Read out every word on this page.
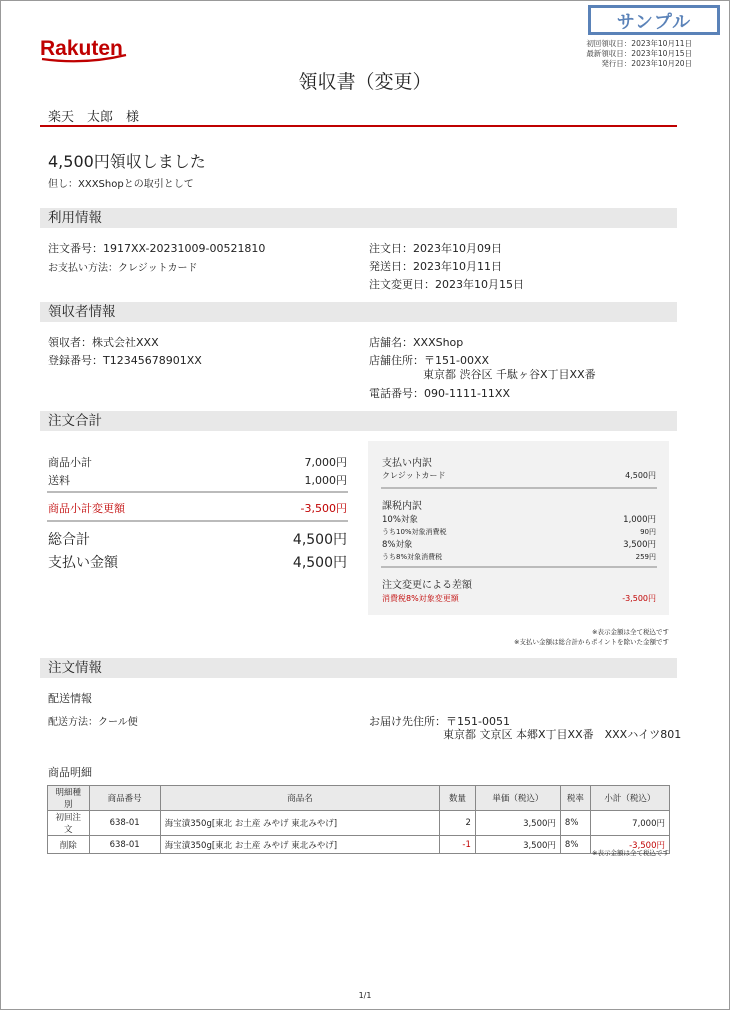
サンプル
初回領収日：2023年10月11日
最新領収日：2023年10月15日
発行日：2023年10月20日
Rakuten
領収書（変更）
楽天　太郎　様
4,500円領収しました
但し：XXXShopとの取引として
利用情報
注文番号：1917XX-20231009-00521810
お支払い方法：クレジットカード
注文日：2023年10月09日
発送日：2023年10月11日
注文変更日：2023年10月15日
領収者情報
領収者：株式会社XXX
登録番号：T12345678901XX
店舗名：XXXShop
店舗住所：〒151-00XX
東京都 渋谷区 千駄ヶ谷X丁目XX番
電話番号：090-1111-11XX
注文合計
商品小計	7,000円
送料	1,000円
商品小計変更額	-3,500円
総合計	4,500円
支払い金額	4,500円
支払い内訳
クレジットカード	4,500円
課税内訳
10%対象	1,000円
うち10%対象消費税	90円
8%対象	3,500円
うち8%対象消費税	259円
注文変更による差額
消費税8%対象変更額	-3,500円
※表示金額は全て税込です
※支払い金額は総合計からポイントを除いた金額です
注文情報
配送情報
配送方法：クール便	お届け先住所：〒151-0051
東京都 文京区 本郷X丁目XX番　XXXハイツ801
商品明細
明細種別	商品番号	商品名	数量	単価（税込）	税率	小計（税込）
初回注文	638-01	海宝漬350g[東北 お土産 みやげ 東北みやげ]	2	3,500円	8%	7,000円
削除	638-01	海宝漬350g[東北 お土産 みやげ 東北みやげ]	-1	3,500円	8%	-3,500円
※表示金額は全て税込です
1/1
